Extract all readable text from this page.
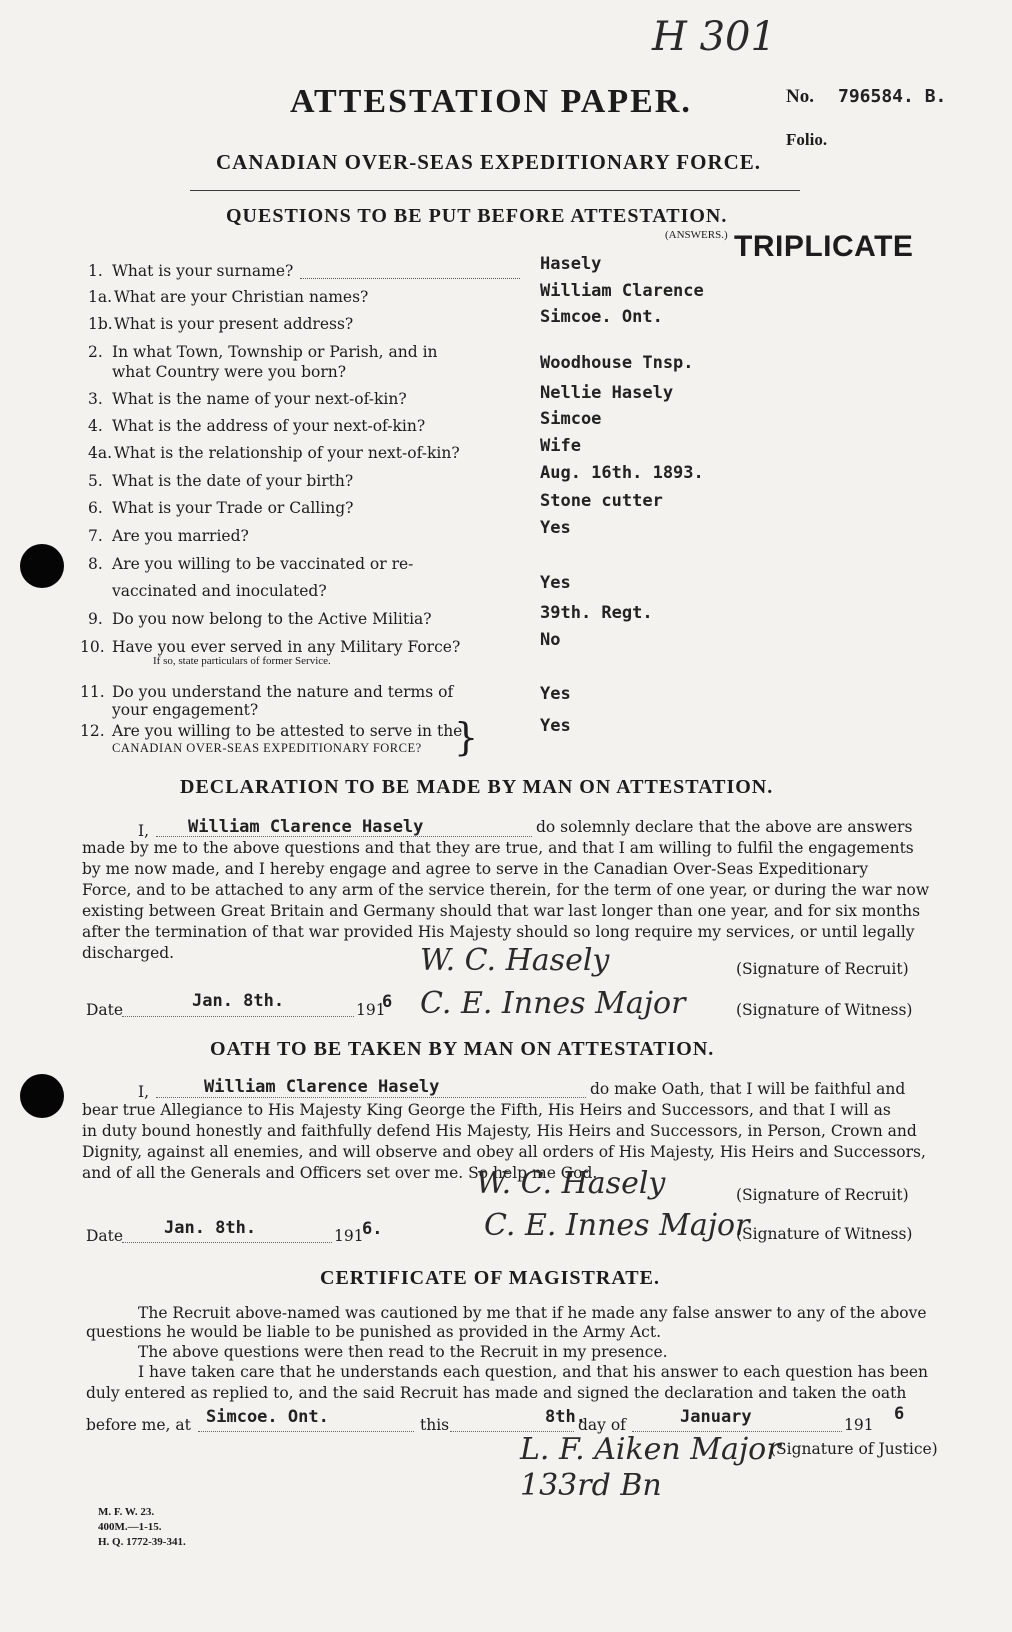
H 301
ATTESTATION PAPER.	No. 796584. B.
Folio.
CANADIAN OVER-SEAS EXPEDITIONARY FORCE.
QUESTIONS TO BE PUT BEFORE ATTESTATION.
(ANSWERS.) TRIPLICATE
1. What is your surname?	Hasely
1a. What are your Christian names?	William Clarence
1b. What is your present address?	Simcoe. Ont.
2. In what Town, Township or Parish, and in
what Country were you born?	Woodhouse Tnsp.
3. What is the name of your next-of-kin?	Nellie Hasely
4. What is the address of your next-of-kin?	Simcoe
4a. What is the relationship of your next-of-kin?	Wife
5. What is the date of your birth?	Aug. 16th. 1893.
6. What is your Trade or Calling?	Stone cutter
7. Are you married?	Yes
8. Are you willing to be vaccinated or re-
vaccinated and inoculated?	Yes
9. Do you now belong to the Active Militia?	39th. Regt.
10. Have you ever served in any Military Force?
If so, state particulars of former Service.
No
11. Do you understand the nature and terms of
your engagement?
Yes
12. Are you willing to be attested to serve in the
CANADIAN OVER-SEAS EXPEDITIONARY FORCE? }	Yes
DECLARATION TO BE MADE BY MAN ON ATTESTATION.
I, William Clarence Hasely	do solemnly declare that the above are answers
made by me to the above questions and that they are true, and that I am willing to fulfil the engagements
by me now made, and I hereby engage and agree to serve in the Canadian Over-Seas Expeditionary
Force, and to be attached to any arm of the service therein, for the term of one year, or during the war now
existing between Great Britain and Germany should that war last longer than one year, and for six months
after the termination of that war provided His Majesty should so long require my services, or until legally
discharged.	W. C. Hasely	(Signature of Recruit)
Date	Jan. 8th.	191
6 C. E. Innes Major	(Signature of Witness)
OATH TO BE TAKEN BY MAN ON ATTESTATION.
I,	William Clarence Hasely	do make Oath, that I will be faithful and
bear true Allegiance to His Majesty King George the Fifth, His Heirs and Successors, and that I will as
in duty bound honestly and faithfully defend His Majesty, His Heirs and Successors, in Person, Crown and
Dignity, against all enemies, and will observe and obey all orders of His Majesty, His Heirs and Successors,
and of all the Generals and Officers set over me. So help me God.
W. C. Hasely	(Signature of Recruit)
Date Jan. 8th.	191
6.	C. E. Innes Major
(Signature of Witness)
CERTIFICATE OF MAGISTRATE.
The Recruit above-named was cautioned by me that if he made any false answer to any of the above
questions he would be liable to be punished as provided in the Army Act.
The above questions were then read to the Recruit in my presence.
I have taken care that he understands each question, and that his answer to each question has been
duly entered as replied to, and the said Recruit has made and signed the declaration and taken the oath
before me, at Simcoe. Ont.	this	8th.
day of	January	191
6
L. F. Aiken Major 133rd Bn
(Signature of Justice)
M. F. W. 23.
400M.—1-15.
H. Q. 1772-39-341.
